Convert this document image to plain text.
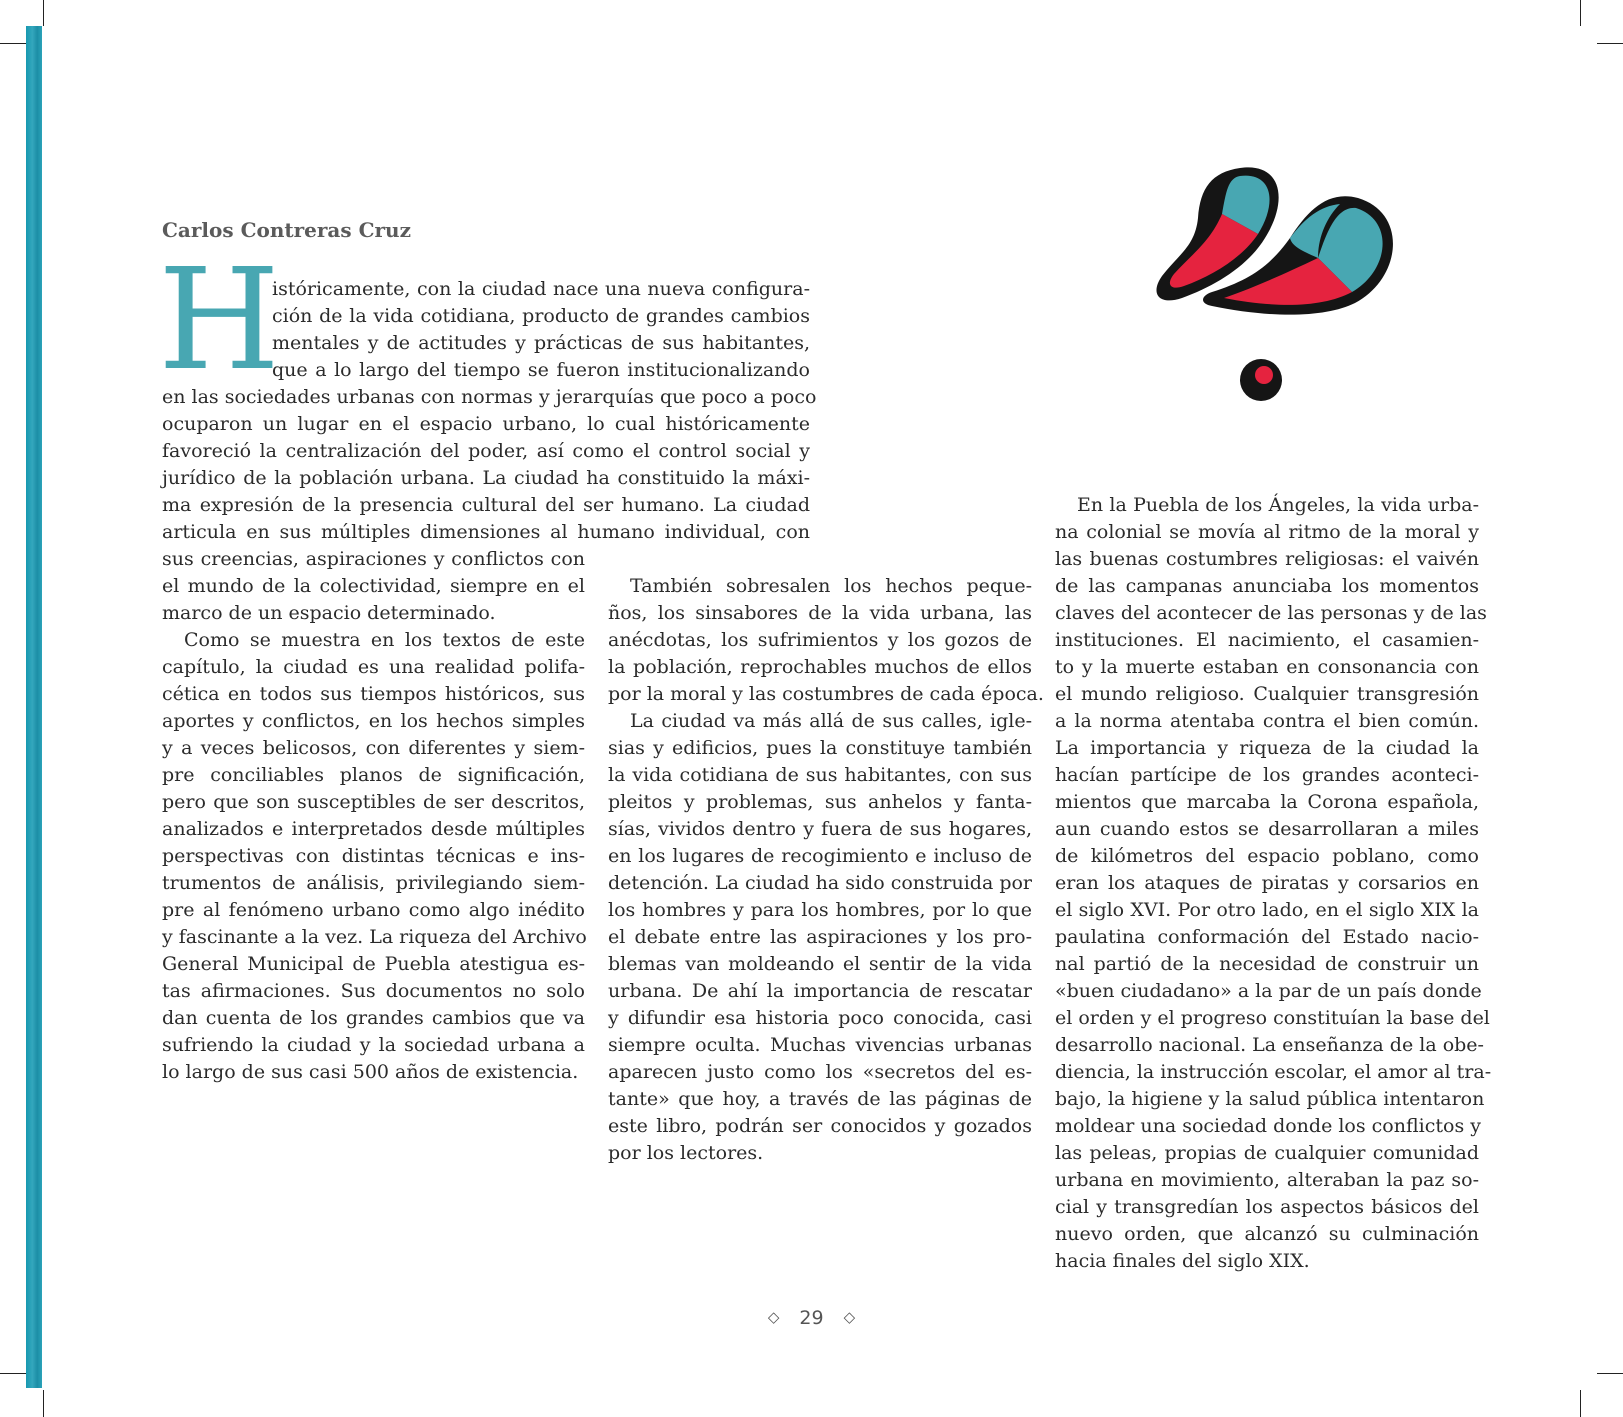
Carlos Contreras Cruz
H
istóricamente, con la ciudad nace una nueva configura-
ción de la vida cotidiana, producto de grandes cambios
mentales y de actitudes y prácticas de sus habitantes,
que a lo largo del tiempo se fueron institucionalizando
en las sociedades urbanas con normas y jerarquías que poco a poco
ocuparon un lugar en el espacio urbano, lo cual históricamente
favoreció la centralización del poder, así como el control social y
jurídico de la población urbana. La ciudad ha constituido la máxi-
ma expresión de la presencia cultural del ser humano. La ciudad
articula en sus múltiples dimensiones al humano individual, con
sus creencias, aspiraciones y conflictos con
el mundo de la colectividad, siempre en el
marco de un espacio determinado.
Como se muestra en los textos de este
capítulo, la ciudad es una realidad polifa-
cética en todos sus tiempos históricos, sus
aportes y conflictos, en los hechos simples
y a veces belicosos, con diferentes y siem-
pre conciliables planos de significación,
pero que son susceptibles de ser descritos,
analizados e interpretados desde múltiples
perspectivas con distintas técnicas e ins-
trumentos de análisis, privilegiando siem-
pre al fenómeno urbano como algo inédito
y fascinante a la vez. La riqueza del Archivo
General Municipal de Puebla atestigua es-
tas afirmaciones. Sus documentos no solo
dan cuenta de los grandes cambios que va
sufriendo la ciudad y la sociedad urbana a
lo largo de sus casi 500 años de existencia.
También sobresalen los hechos peque-
ños, los sinsabores de la vida urbana, las
anécdotas, los sufrimientos y los gozos de
la población, reprochables muchos de ellos
por la moral y las costumbres de cada época.
La ciudad va más allá de sus calles, igle-
sias y edificios, pues la constituye también
la vida cotidiana de sus habitantes, con sus
pleitos y problemas, sus anhelos y fanta-
sías, vividos dentro y fuera de sus hogares,
en los lugares de recogimiento e incluso de
detención. La ciudad ha sido construida por
los hombres y para los hombres, por lo que
el debate entre las aspiraciones y los pro-
blemas van moldeando el sentir de la vida
urbana. De ahí la importancia de rescatar
y difundir esa historia poco conocida, casi
siempre oculta. Muchas vivencias urbanas
aparecen justo como los «secretos del es-
tante» que hoy, a través de las páginas de
este libro, podrán ser conocidos y gozados
por los lectores.
En la Puebla de los Ángeles, la vida urba-
na colonial se movía al ritmo de la moral y
las buenas costumbres religiosas: el vaivén
de las campanas anunciaba los momentos
claves del acontecer de las personas y de las
instituciones. El nacimiento, el casamien-
to y la muerte estaban en consonancia con
el mundo religioso. Cualquier transgresión
a la norma atentaba contra el bien común.
La importancia y riqueza de la ciudad la
hacían partícipe de los grandes aconteci-
mientos que marcaba la Corona española,
aun cuando estos se desarrollaran a miles
de kilómetros del espacio poblano, como
eran los ataques de piratas y corsarios en
el siglo XVI. Por otro lado, en el siglo XIX la
paulatina conformación del Estado nacio-
nal partió de la necesidad de construir un
«buen ciudadano» a la par de un país donde
el orden y el progreso constituían la base del
desarrollo nacional. La enseñanza de la obe-
diencia, la instrucción escolar, el amor al tra-
bajo, la higiene y la salud pública intentaron
moldear una sociedad donde los conflictos y
las peleas, propias de cualquier comunidad
urbana en movimiento, alteraban la paz so-
cial y transgredían los aspectos básicos del
nuevo orden, que alcanzó su culminación
hacia finales del siglo XIX.
◇ 29 ◇
